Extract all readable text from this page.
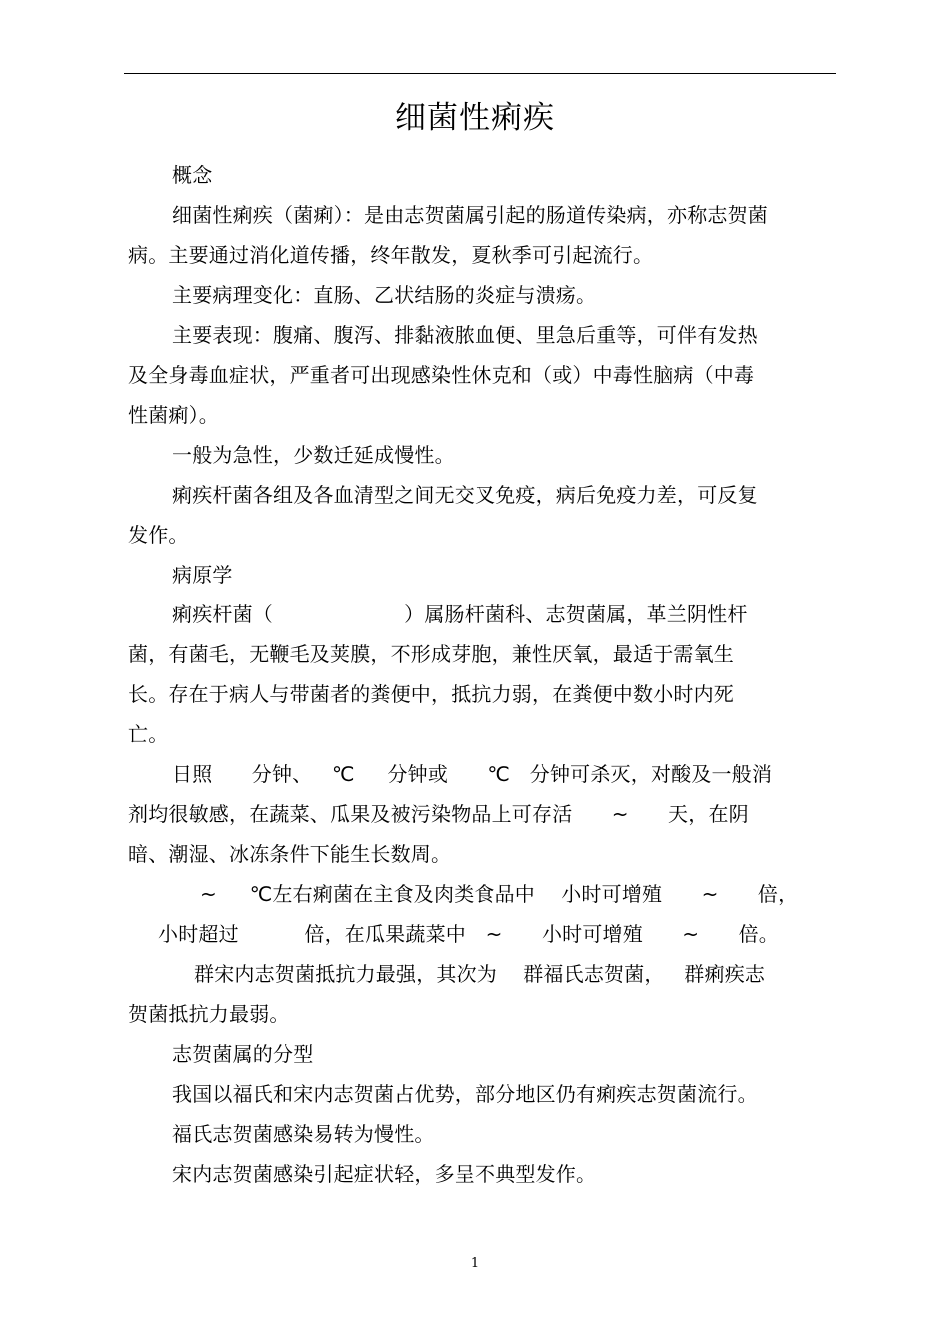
细菌性痢疾
概念
细菌性痢疾（菌痢）：是由志贺菌属引起的肠道传染病，亦称志贺菌
病。主要通过消化道传播，终年散发，夏秋季可引起流行。
主要病理变化：直肠、乙状结肠的炎症与溃疡。
主要表现：腹痛、腹泻、排黏液脓血便、里急后重等，可伴有发热
及全身毒血症状，严重者可出现感染性休克和（或）中毒性脑病（中毒
性菌痢）。
一般为急性，少数迁延成慢性。
痢疾杆菌各组及各血清型之间无交叉免疫，病后免疫力差，可反复
发作。
病原学
痢疾杆菌（                    ）属肠杆菌科、志贺菌属，革兰阴性杆
菌，有菌毛，无鞭毛及荚膜，不形成芽胞，兼性厌氧，最适于需氧生
长。存在于病人与带菌者的粪便中，抵抗力弱，在粪便中数小时内死
亡。
日照      分钟、   ℃     分钟或      ℃   分钟可杀灭，对酸及一般消
剂均很敏感，在蔬菜、瓜果及被污染物品上可存活      ~      天，在阴
暗、潮湿、冰冻条件下能生长数周。
~     ℃左右痢菌在主食及肉类食品中    小时可增殖      ~      倍，
小时超过          倍，在瓜果蔬菜中   ~      小时可增殖      ~      倍。
群宋内志贺菌抵抗力最强，其次为    群福氏志贺菌，   群痢疾志
贺菌抵抗力最弱。
志贺菌属的分型
我国以福氏和宋内志贺菌占优势，部分地区仍有痢疾志贺菌流行。
福氏志贺菌感染易转为慢性。
宋内志贺菌感染引起症状轻，多呈不典型发作。
1
